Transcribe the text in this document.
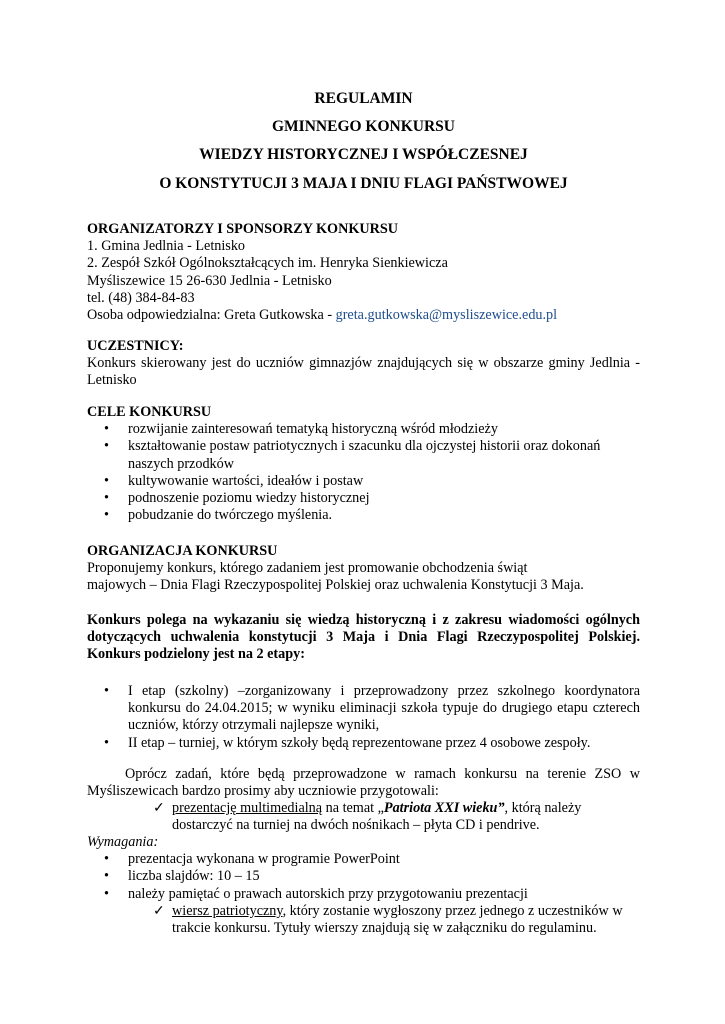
REGULAMIN
GMINNEGO KONKURSU
WIEDZY HISTORYCZNEJ I WSPÓŁCZESNEJ
O KONSTYTUCJI 3 MAJA I DNIU FLAGI PAŃSTWOWEJ
ORGANIZATORZY I SPONSORZY KONKURSU
1. Gmina Jedlnia - Letnisko
2. Zespół Szkół Ogólnokształcących im. Henryka Sienkiewicza
Myśliszewice 15 26-630 Jedlnia - Letnisko
tel. (48) 384-84-83
Osoba odpowiedzialna: Greta Gutkowska - greta.gutkowska@mysliszewice.edu.pl
UCZESTNICY:
Konkurs skierowany jest do uczniów gimnazjów znajdujących się w obszarze gminy Jedlnia - Letnisko
CELE KONKURSU
• rozwijanie zainteresowań tematyką historyczną wśród młodzieży
• kształtowanie postaw patriotycznych i szacunku dla ojczystej historii oraz dokonań naszych przodków
• kultywowanie wartości, ideałów i postaw
• podnoszenie poziomu wiedzy historycznej
• pobudzanie do twórczego myślenia.
ORGANIZACJA KONKURSU
Proponujemy konkurs, którego zadaniem jest promowanie obchodzenia świąt
majowych – Dnia Flagi Rzeczypospolitej Polskiej oraz uchwalenia Konstytucji 3 Maja.
Konkurs polega na wykazaniu się wiedzą historyczną i z zakresu wiadomości ogólnych dotyczących uchwalenia konstytucji 3 Maja i Dnia Flagi Rzeczypospolitej Polskiej. Konkurs podzielony jest na 2 etapy:
• I etap (szkolny) –zorganizowany i przeprowadzony przez szkolnego koordynatora konkursu do 24.04.2015; w wyniku eliminacji szkoła typuje do drugiego etapu czterech uczniów, którzy otrzymali najlepsze wyniki,
• II etap – turniej, w którym szkoły będą reprezentowane przez 4 osobowe zespoły.
Oprócz zadań, które będą przeprowadzone w ramach konkursu na terenie ZSO w Myśliszewicach bardzo prosimy aby uczniowie przygotowali:
✓ prezentację multimedialną na temat „Patriota XXI wieku”, którą należy dostarczyć na turniej na dwóch nośnikach – płyta CD i pendrive.
Wymagania:
• prezentacja wykonana w programie PowerPoint
• liczba slajdów: 10 – 15
• należy pamiętać o prawach autorskich przy przygotowaniu prezentacji
✓ wiersz patriotyczny, który zostanie wygłoszony przez jednego z uczestników w trakcie konkursu. Tytuły wierszy znajdują się w załączniku do regulaminu.
